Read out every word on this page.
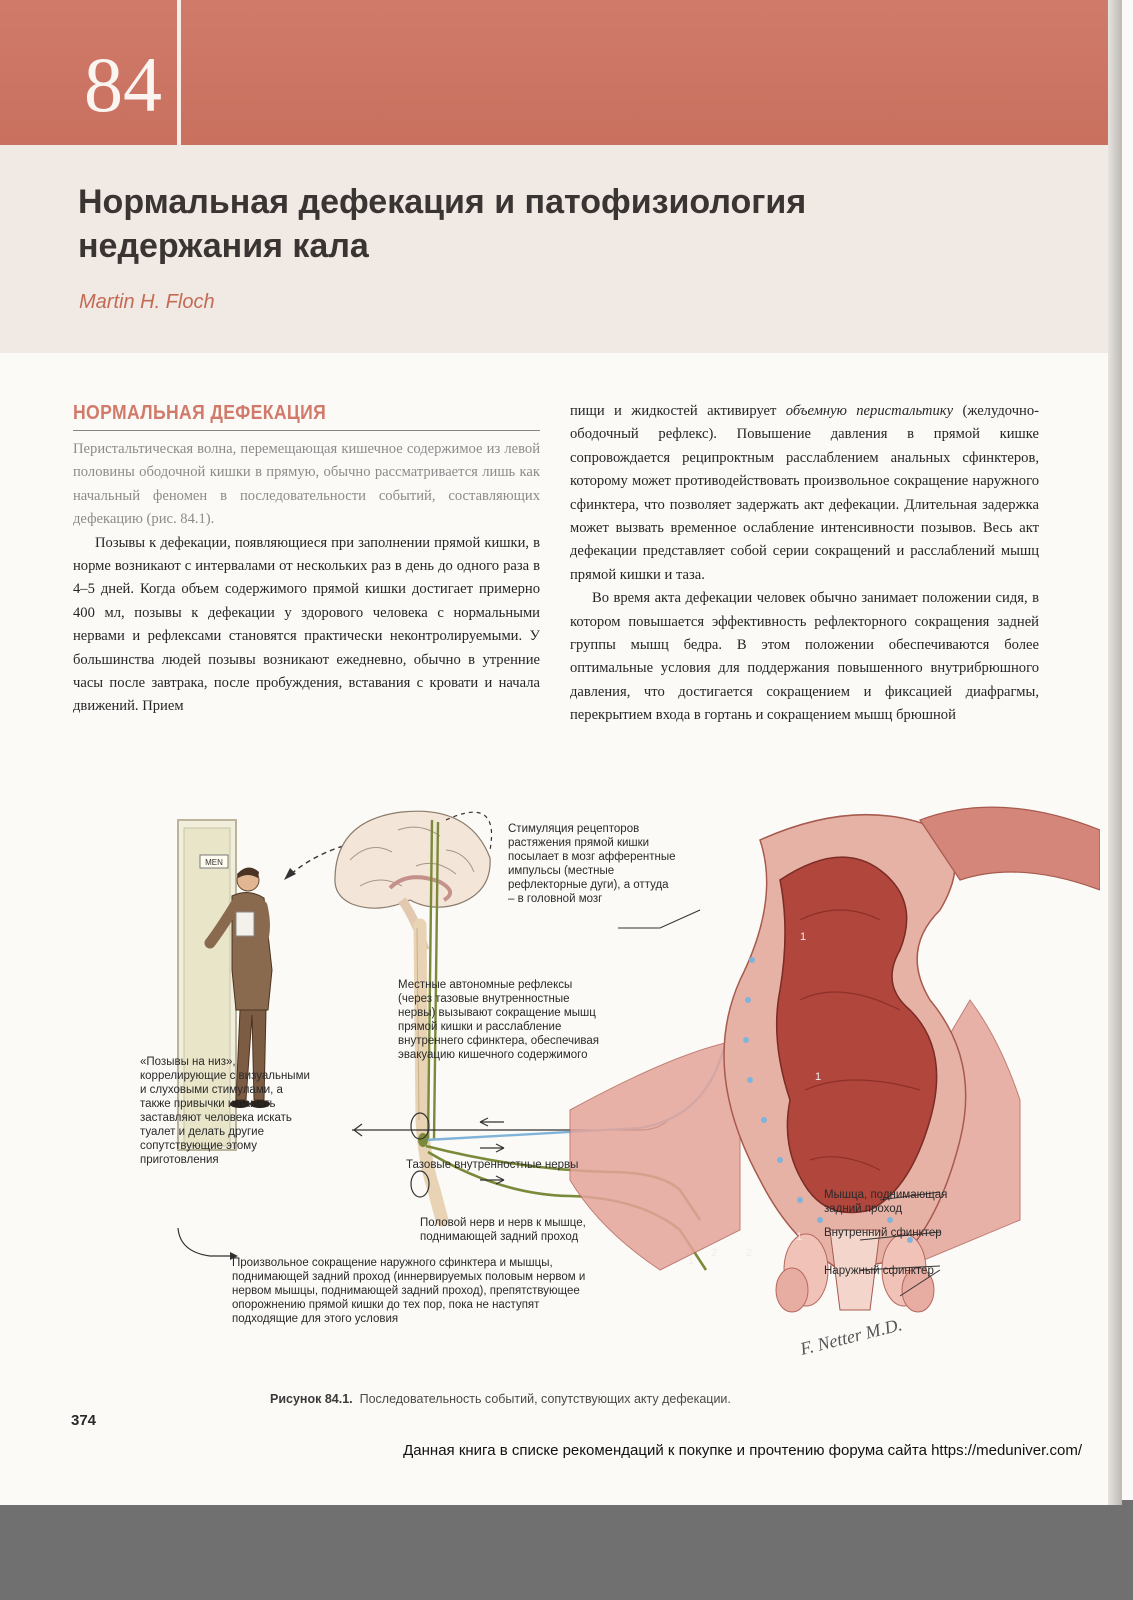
84
Нормальная дефекация и патофизиология недержания кала
Martin H. Floch
НОРМАЛЬНАЯ ДЕФЕКАЦИЯ

Перистальтическая волна, перемещающая кишечное содержимое из левой половины ободочной кишки в прямую, обычно рассматривается лишь как начальный феномен в последовательности событий, составляющих дефекацию (рис. 84.1).

Позывы к дефекации, появляющиеся при заполнении прямой кишки, в норме возникают с интервалами от нескольких раз в день до одного раза в 4–5 дней. Когда объем содержимого прямой кишки достигает примерно 400 мл, позывы к дефекации у здорового человека с нормальными нервами и рефлексами становятся практически неконтролируемыми. У большинства людей позывы возникают ежедневно, обычно в утренние часы после завтрака, после пробуждения, вставания с кровати и начала движений. Прием

пищи и жидкостей активирует объемную перистальтику (желудочно-ободочный рефлекс). Повышение давления в прямой кишке сопровождается реципроктным расслаблением анальных сфинктеров, которому может противодействовать произвольное сокращение наружного сфинктера, что позволяет задержать акт дефекации. Длительная задержка может вызвать временное ослабление интенсивности позывов. Весь акт дефекации представляет собой серии сокращений и расслаблений мышц прямой кишки и таза.

Во время акта дефекации человек обычно занимает положении сидя, в котором повышается эффективность рефлекторного сокращения задней группы мышц бедра. В этом положении обеспечиваются более оптимальные условия для поддержания повышенного внутрибрюшного давления, что достигается сокращением и фиксацией диафрагмы, перекрытием входа в гортань и сокращением мышц брюшной

MEN
1
2	2
1
1
1
F. Netter M.D.
Стимуляция рецепторов растяжения прямой кишки посылает в мозг афферентные импульсы (местные рефлекторные дуги), а оттуда – в головной мозг
Местные автономные рефлексы (через тазовые внутренностные нервы) вызывают сокращение мышц прямой кишки и расслабление внутреннего сфинктера, обеспечивая эвакуацию кишечного содержимого
«Позывы на низ», коррелирующие с визуальными и слуховыми стимулами, а также привычки и память заставляют человека искать туалет и делать другие сопутствующие этому приготовления	Тазовые внутренностные нервы
Половой нерв и нерв к мышце, поднимающей задний проход
Произвольное сокращение наружного сфинктера и мышцы, поднимающей задний проход (иннервируемых половым нервом и нервом мышцы, поднимающей задний проход), препятствующее опорожнению прямой кишки до тех пор, пока не наступят подходящие для этого условия
Мышца, поднимающая задний проход
Внутренний сфинктер
Наружный сфинктер
Рисунок 84.1. Последовательность событий, сопутствующих акту дефекации.
374
Данная книга в списке рекомендаций к покупке и прочтению форума сайта https://meduniver.com/
